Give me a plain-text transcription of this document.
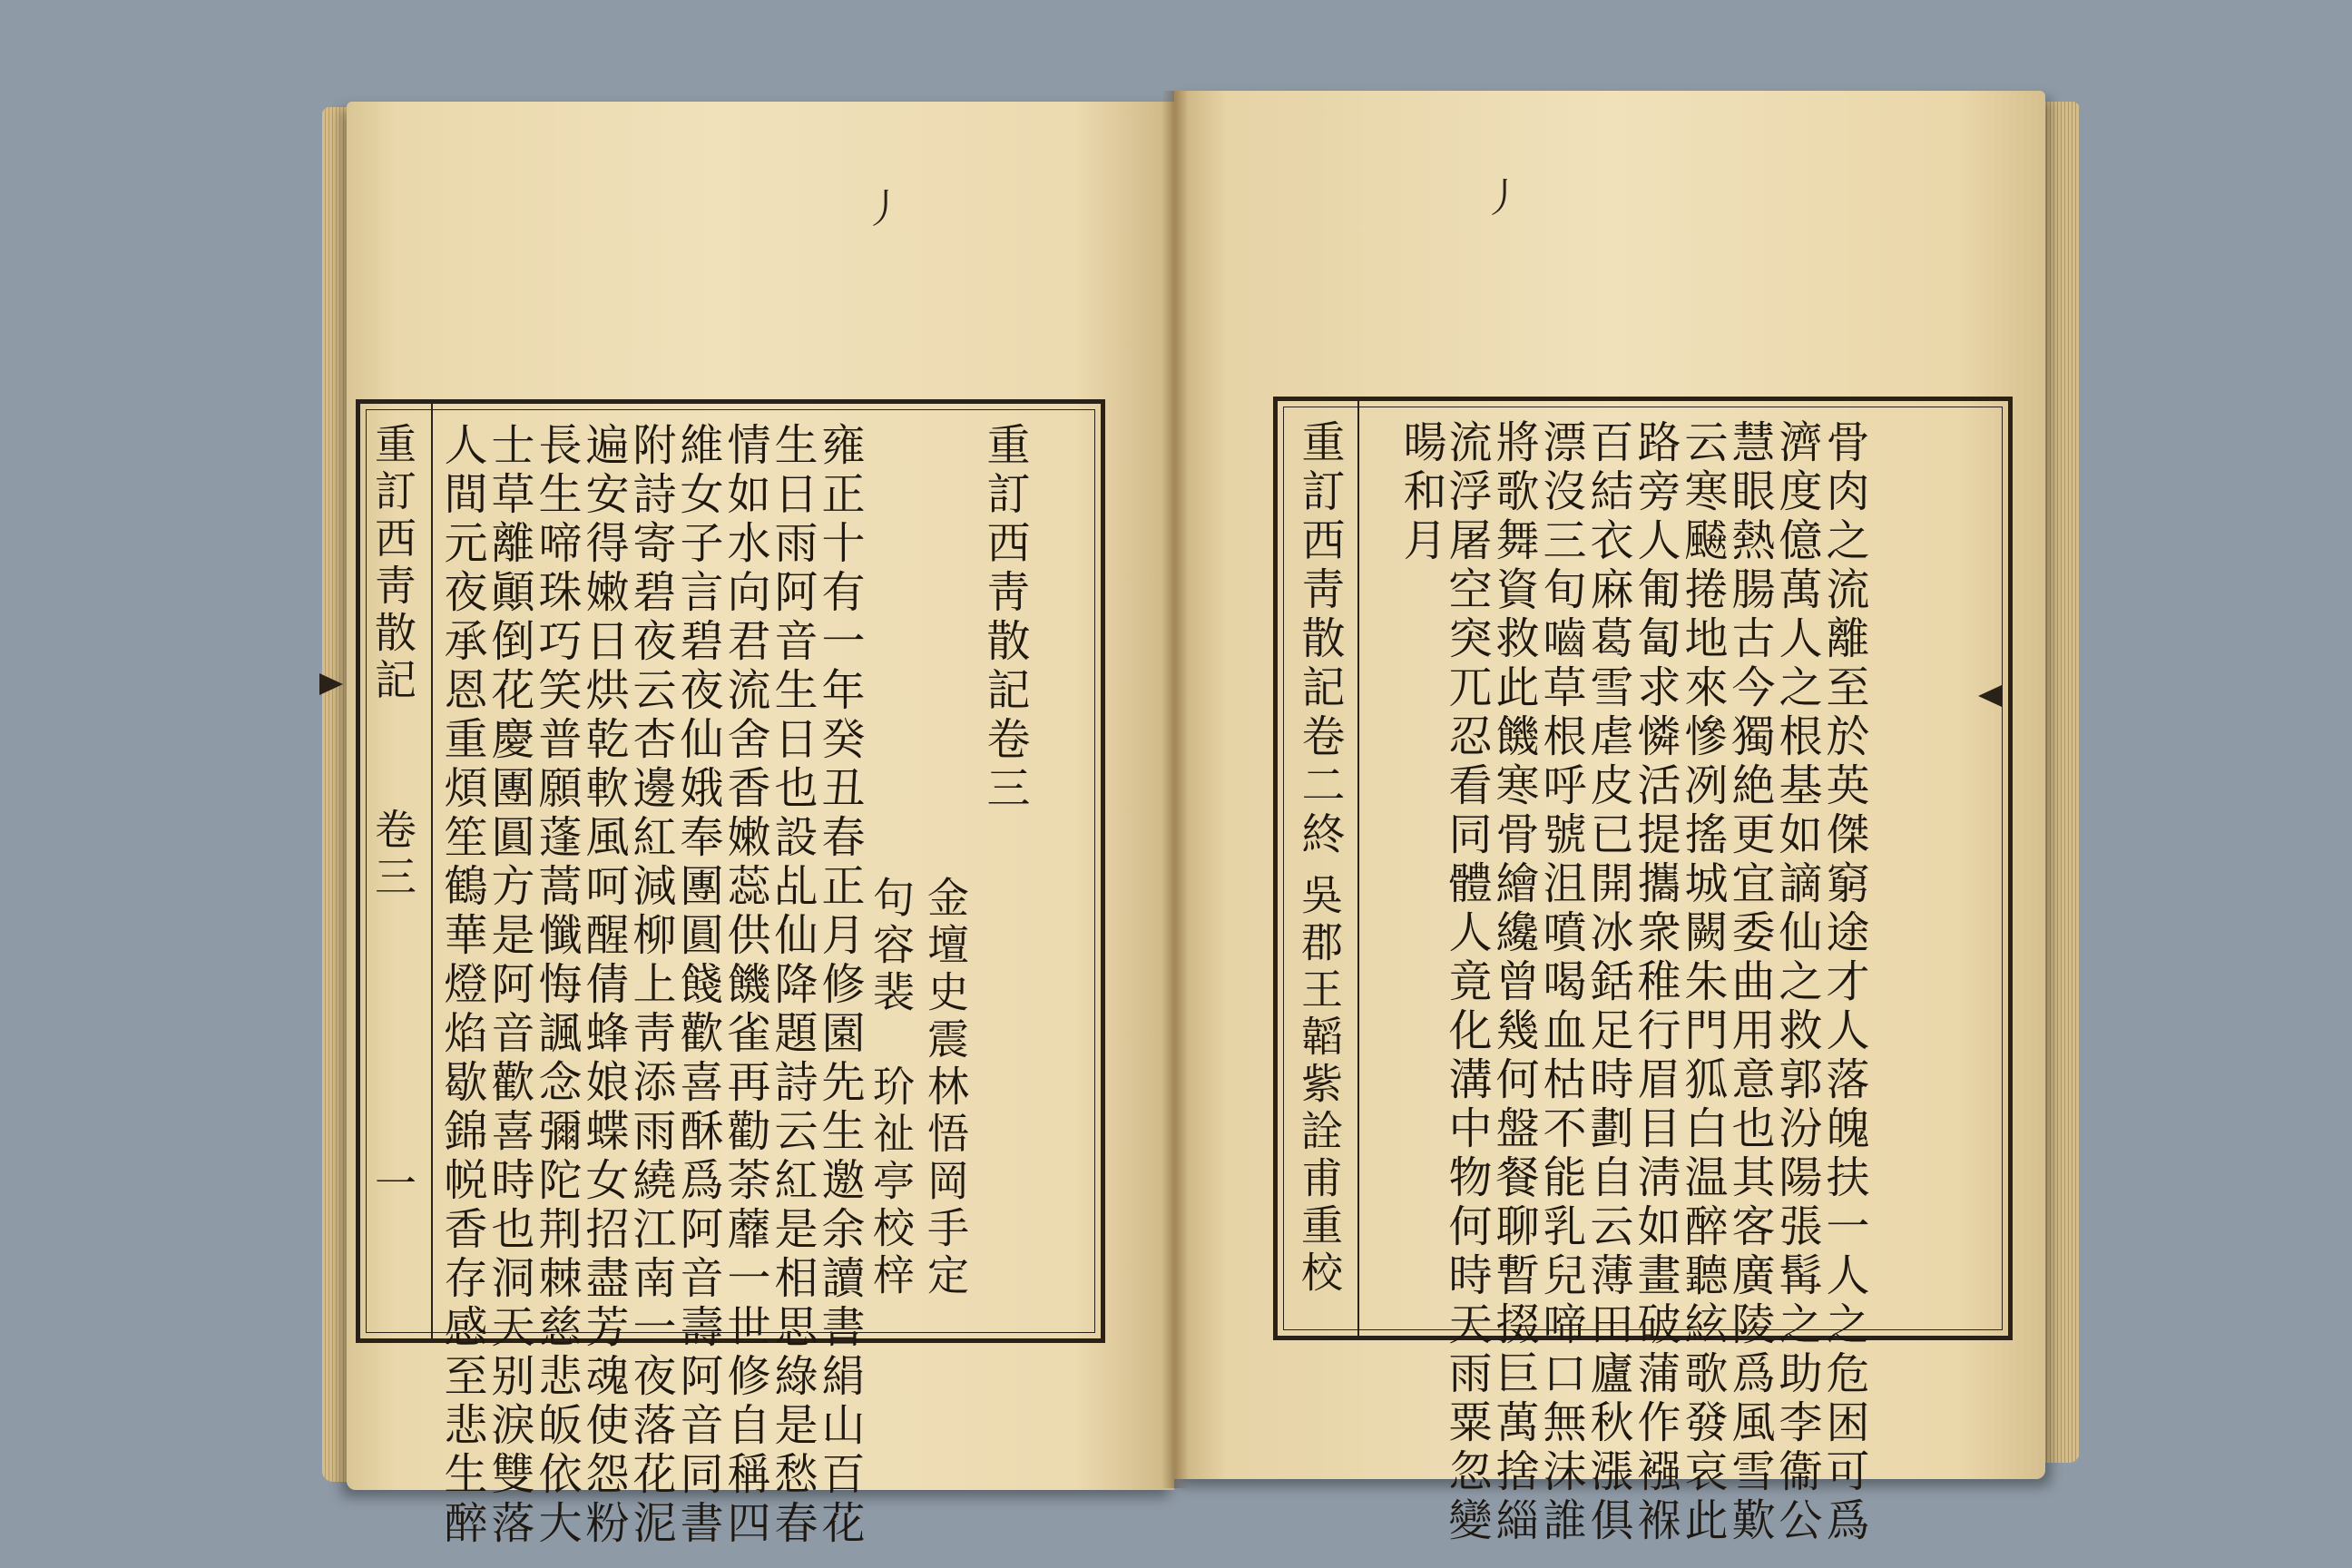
丿	丿
重訂西靑散記
卷三
一 人間元夜承恩重煩笙鶴華燈焰歇錦帨香存感至悲生醉
士草離顚倒花慶團圓方是阿音歡喜時也洞天别淚雙落
長生啼珠巧笑普願蓬蒿懺悔諷念彌陀荆棘慈悲皈依大
遍安得嫩日烘乾軟風呵醒倩蜂娘蝶女招盡芳魂使怨粉
附詩寄碧夜云杏邊紅減柳上靑添雨繞江南一夜落花泥
維女子言碧夜仙娥奉團圓餞歡喜酥爲阿音壽阿音同書
情如水向君流舍香嫩蕊供饑雀再勸荼蘼一世修自稱四
生日雨阿音生日也設乩仙降題詩云紅是相思綠是愁春
雍正十有一年癸丑春正月修園先生邀余讀書絹山百花 句容裴　玠祉亭校梓 金壇史震林悟岡手定
重訂西靑散記卷三	重訂西靑散記卷二終
吳郡王韜紫詮甫重校
暘和月
流浮屠空突兀忍看同體人竟化溝中物何時天雨粟忽變
將歌舞資救此饑寒骨繪纔曾幾何盤餐聊暫掇巨萬捨緇
漂沒三旬嚙草根呼號沮噴喝血枯不能乳兒啼口無沫誰
百結衣麻葛雪虐皮已開冰銛足時劃自云薄田廬秋漲俱
路旁人匍匐求憐活提攜衆稚行眉目淸如畫破蒲作襁褓
云寒飇捲地來慘冽搖城闕朱門狐白温醉聽絃歌發哀此
慧眼熱腸古今獨絶更宜委曲用意也其客廣陵爲風雪歎
濟度億萬人之根基如謫仙之救郭汾陽張髯之助李衞公
骨肉之流離至於英傑窮途才人落魄扶一人之危困可爲
